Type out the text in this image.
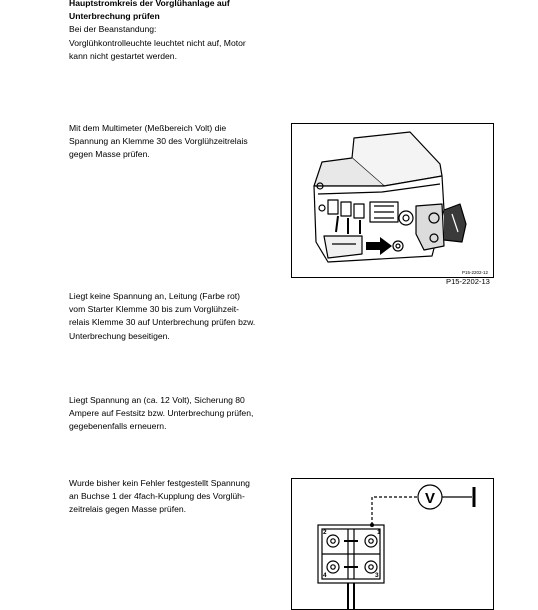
Hauptstromkreis der Vorglühanlage auf
Unterbrechung prüfen

Bei der Beanstandung:
Vorglühkontrolleuchte leuchtet nicht auf, Motor
kann nicht gestartet werden.

Mit dem Multimeter (Meßbereich Volt) die
Spannung an Klemme 30 des Vorglühzeitrelais
gegen Masse prüfen.

P15-2202-12
P15-2202-13

Liegt keine Spannung an, Leitung (Farbe rot)
vom Starter Klemme 30 bis zum Vorglühzeit-
relais Klemme 30 auf Unterbrechung prüfen bzw.
Unterbrechung beseitigen.

Liegt Spannung an (ca. 12 Volt), Sicherung 80
Ampere auf Festsitz bzw. Unterbrechung prüfen,
gegebenenfalls erneuern.

Wurde bisher kein Fehler festgestellt Spannung
an Buchse 1 der 4fach-Kupplung des Vorglüh-
zeitrelais gegen Masse prüfen.

V
1
2
3
4
